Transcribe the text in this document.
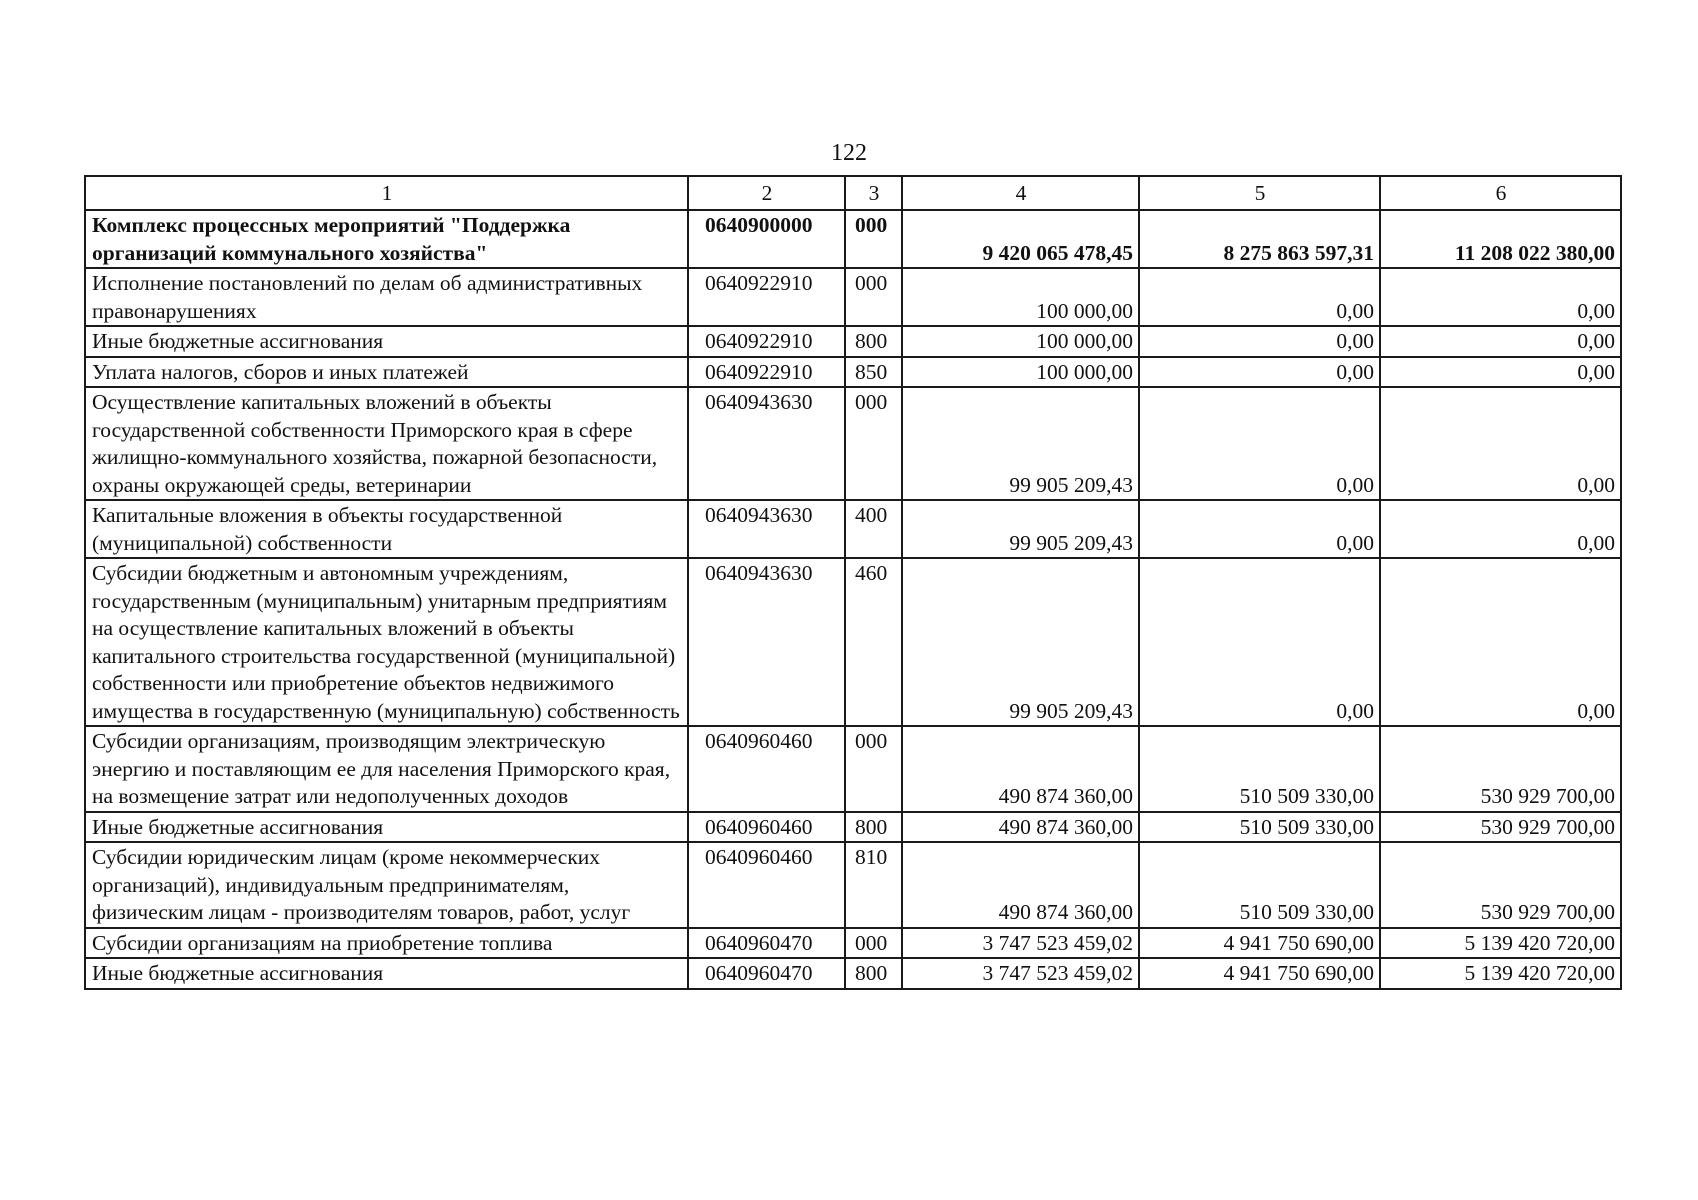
122
1	2	3	4	5	6
Комплекс процессных мероприятий "Поддержка организаций коммунального хозяйства"	0640900000	000	9 420 065 478,45	8 275 863 597,31	11 208 022 380,00
Исполнение постановлений по делам об административных правонарушениях	0640922910	000	100 000,00	0,00	0,00
Иные бюджетные ассигнования	0640922910	800	100 000,00	0,00	0,00
Уплата налогов, сборов и иных платежей	0640922910	850	100 000,00	0,00	0,00
Осуществление капитальных вложений в объекты государственной собственности Приморского края в сфере жилищно-коммунального хозяйства, пожарной безопасности, охраны окружающей среды, ветеринарии	0640943630	000	99 905 209,43	0,00	0,00
Капитальные вложения в объекты государственной (муниципальной) собственности	0640943630	400	99 905 209,43	0,00	0,00
Субсидии бюджетным и автономным учреждениям, государственным (муниципальным) унитарным предприятиям на осуществление капитальных вложений в объекты капитального строительства государственной (муниципальной) собственности или приобретение объектов недвижимого имущества в государственную (муниципальную) собственность	0640943630	460	99 905 209,43	0,00	0,00
Субсидии организациям, производящим электрическую энергию и поставляющим ее для населения Приморского края, на возмещение затрат или недополученных доходов	0640960460	000	490 874 360,00	510 509 330,00	530 929 700,00
Иные бюджетные ассигнования	0640960460	800	490 874 360,00	510 509 330,00	530 929 700,00
Субсидии юридическим лицам (кроме некоммерческих организаций), индивидуальным предпринимателям, физическим лицам - производителям товаров, работ, услуг	0640960460	810	490 874 360,00	510 509 330,00	530 929 700,00
Субсидии организациям на приобретение топлива	0640960470	000	3 747 523 459,02	4 941 750 690,00	5 139 420 720,00
Иные бюджетные ассигнования	0640960470	800	3 747 523 459,02	4 941 750 690,00	5 139 420 720,00
